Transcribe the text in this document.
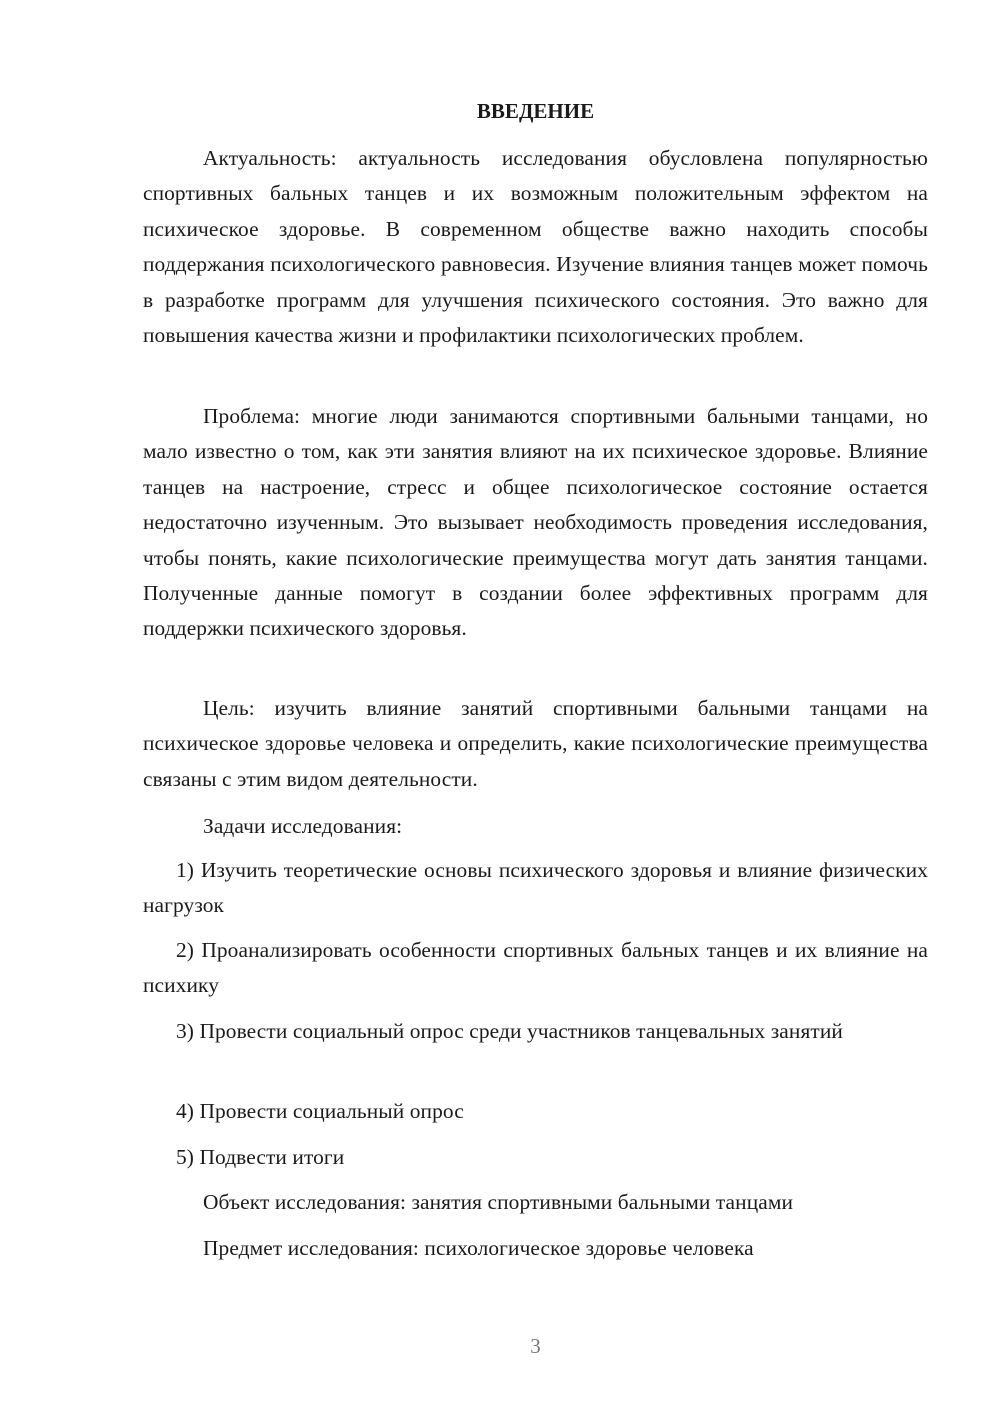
ВВЕДЕНИЕ

Актуальность: актуальность исследования обусловлена популярностью спортивных бальных танцев и их возможным положительным эффектом на психическое здоровье. В современном обществе важно находить способы поддержания психологического равновесия. Изучение влияния танцев может помочь в разработке программ для улучшения психического состояния. Это важно для повышения качества жизни и профилактики психологических проблем.

Проблема: многие люди занимаются спортивными бальными танцами, но мало известно о том, как эти занятия влияют на их психическое здоровье. Влияние танцев на настроение, стресс и общее психологическое состояние остается недостаточно изученным. Это вызывает необходимость проведения исследования, чтобы понять, какие психологические преимущества могут дать занятия танцами. Полученные данные помогут в создании более эффективных программ для поддержки психического здоровья.

Цель: изучить влияние занятий спортивными бальными танцами на психическое здоровье человека и определить, какие психологические преимущества связаны с этим видом деятельности.

Задачи исследования:

1) Изучить теоретические основы психического здоровья и влияние физических нагрузок

2) Проанализировать особенности спортивных бальных танцев и их влияние на психику

3) Провести социальный опрос среди участников танцевальных занятий

4) Провести социальный опрос

5) Подвести итоги

Объект исследования: занятия спортивными бальными танцами

Предмет исследования: психологическое здоровье человека

3
